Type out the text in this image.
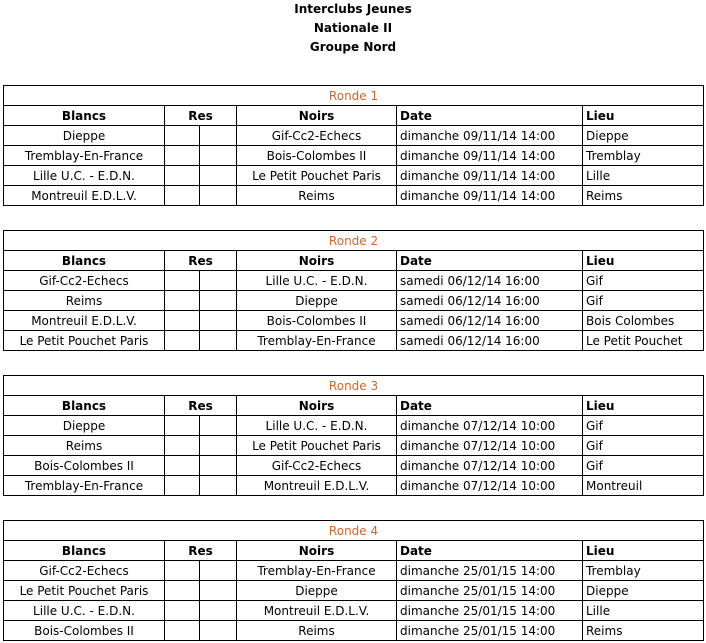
Interclubs Jeunes
Nationale II
Groupe Nord
Ronde 1					
Blancs	Res		Noirs	Date	Lieu
Dieppe			Gif-Cc2-Echecs	dimanche 09/11/14 14:00	Dieppe
Tremblay-En-France			Bois-Colombes II	dimanche 09/11/14 14:00	Tremblay
Lille U.C. - E.D.N.			Le Petit Pouchet Paris	dimanche 09/11/14 14:00	Lille
Montreuil E.D.L.V.			Reims	dimanche 09/11/14 14:00	Reims
Ronde 2					
Blancs	Res		Noirs	Date	Lieu
Gif-Cc2-Echecs			Lille U.C. - E.D.N.	samedi 06/12/14 16:00	Gif
Reims			Dieppe	samedi 06/12/14 16:00	Gif
Montreuil E.D.L.V.			Bois-Colombes II	samedi 06/12/14 16:00	Bois Colombes
Le Petit Pouchet Paris			Tremblay-En-France	samedi 06/12/14 16:00	Le Petit Pouchet
Ronde 3					
Blancs	Res		Noirs	Date	Lieu
Dieppe			Lille U.C. - E.D.N.	dimanche 07/12/14 10:00	Gif
Reims			Le Petit Pouchet Paris	dimanche 07/12/14 10:00	Gif
Bois-Colombes II			Gif-Cc2-Echecs	dimanche 07/12/14 10:00	Gif
Tremblay-En-France			Montreuil E.D.L.V.	dimanche 07/12/14 10:00	Montreuil
Ronde 4					
Blancs	Res		Noirs	Date	Lieu
Gif-Cc2-Echecs			Tremblay-En-France	dimanche 25/01/15 14:00	Tremblay
Le Petit Pouchet Paris			Dieppe	dimanche 25/01/15 14:00	Dieppe
Lille U.C. - E.D.N.			Montreuil E.D.L.V.	dimanche 25/01/15 14:00	Lille
Bois-Colombes II			Reims	dimanche 25/01/15 14:00	Reims
